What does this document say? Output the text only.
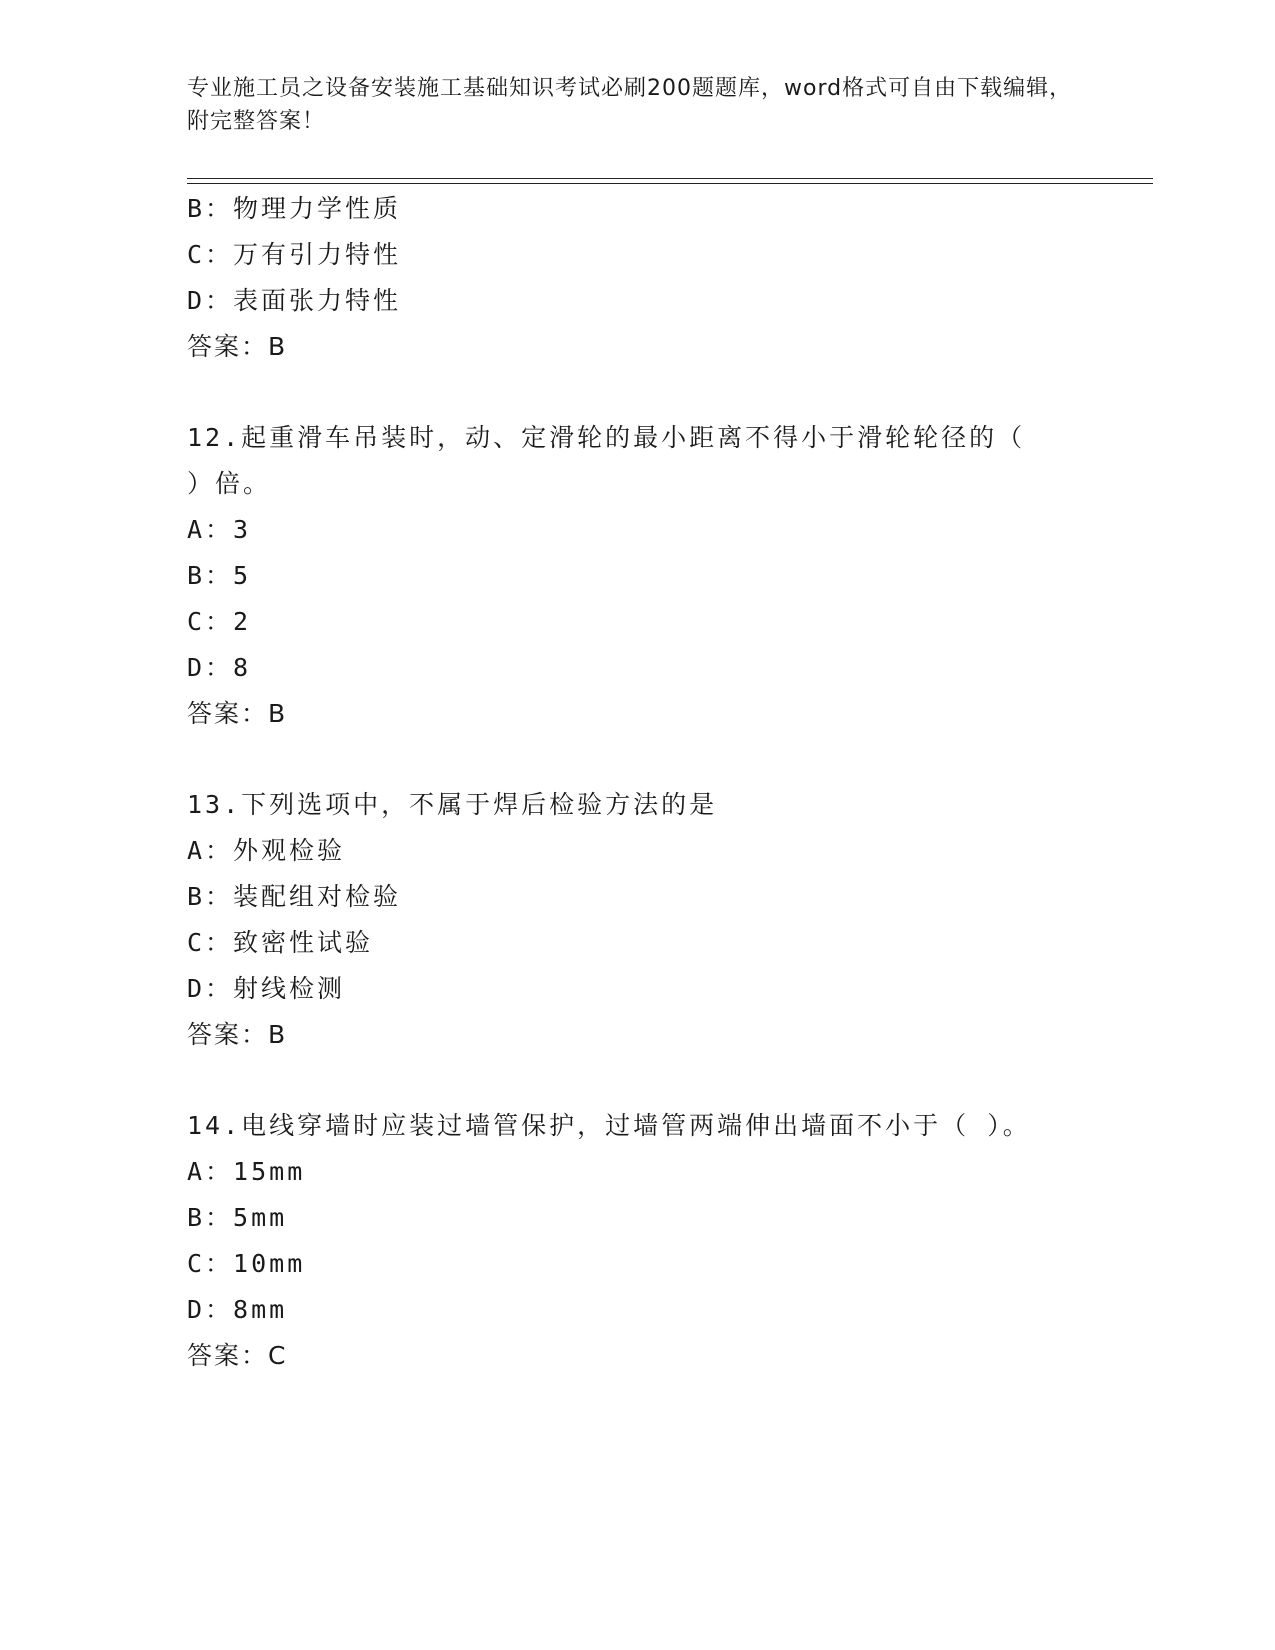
专业施工员之设备安装施工基础知识考试必刷200题题库，word格式可自由下载编辑，附完整答案！
B：物理力学性质
C：万有引力特性
D：表面张力特性
答案：B
12.起重滑车吊装时，动、定滑轮的最小距离不得小于滑轮轮径的（ ）倍。
A：3
B：5
C：2
D：8
答案：B
13.下列选项中，不属于焊后检验方法的是
A：外观检验
B：装配组对检验
C：致密性试验
D：射线检测
答案：B
14.电线穿墙时应装过墙管保护，过墙管两端伸出墙面不小于（ ）。
A：15mm
B：5mm
C：10mm
D：8mm
答案：C
